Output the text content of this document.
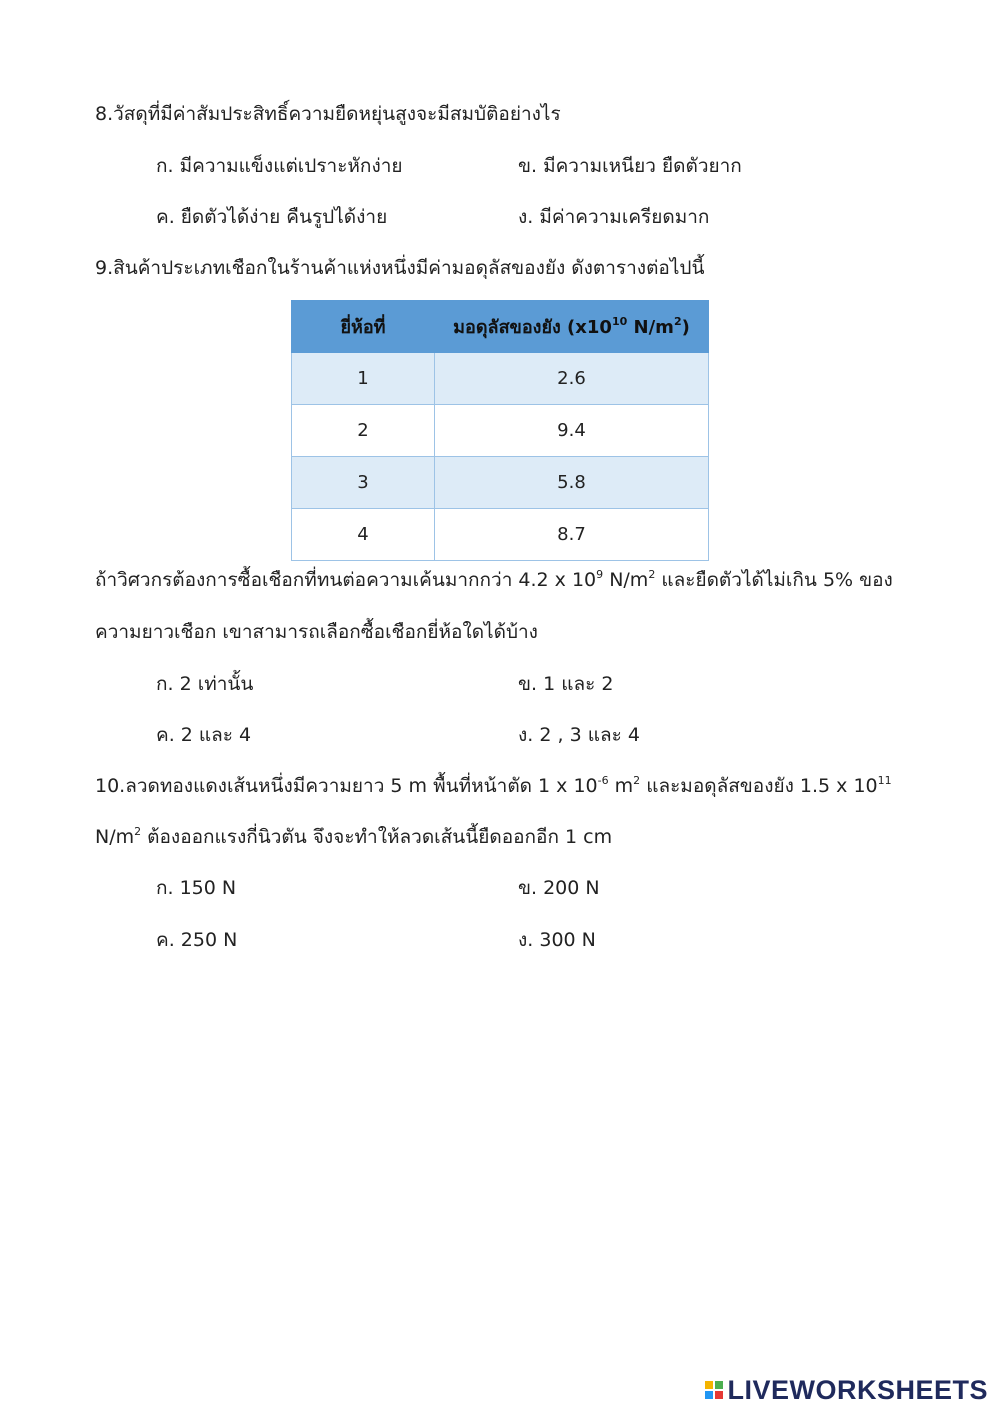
8.วัสดุที่มีค่าสัมประสิทธิ์ความยืดหยุ่นสูงจะมีสมบัติอย่างไร
ก. มีความแข็งแต่เปราะหักง่าย	ข. มีความเหนียว ยืดตัวยาก
ค. ยืดตัวได้ง่าย คืนรูปได้ง่าย	ง. มีค่าความเครียดมาก
9.สินค้าประเภทเชือกในร้านค้าแห่งหนึ่งมีค่ามอดุลัสของยัง ดังตารางต่อไปนี้
ยี่ห้อที่	มอดุลัสของยัง ($x10^{10}$ $N/m^2$)
1	2.6
2	9.4
3	5.8
4	8.7
ถ้าวิศวกรต้องการซื้อเชือกที่ทนต่อความเค้นมากกว่า 4.2 x $10^9$ $N/m^2$ และยืดตัวได้ไม่เกิน 5% ของ
ความยาวเชือก เขาสามารถเลือกซื้อเชือกยี่ห้อใดได้บ้าง
ก. 2 เท่านั้น	ข. 1 และ 2
ค. 2 และ 4	ง. 2 , 3 และ 4
10.ลวดทองแดงเส้นหนึ่งมีความยาว 5 m พื้นที่หน้าตัด 1 x $10^{-6}$ $m^2$ และมอดุลัสของยัง 1.5 x $10^{11}$
$N/m^2$ ต้องออกแรงกี่นิวตัน จึงจะทำให้ลวดเส้นนี้ยืดออกอีก 1 cm
ก. 150 N	ข. 200 N
ค. 250 N	ง. 300 N
LIVEWORKSHEETS
